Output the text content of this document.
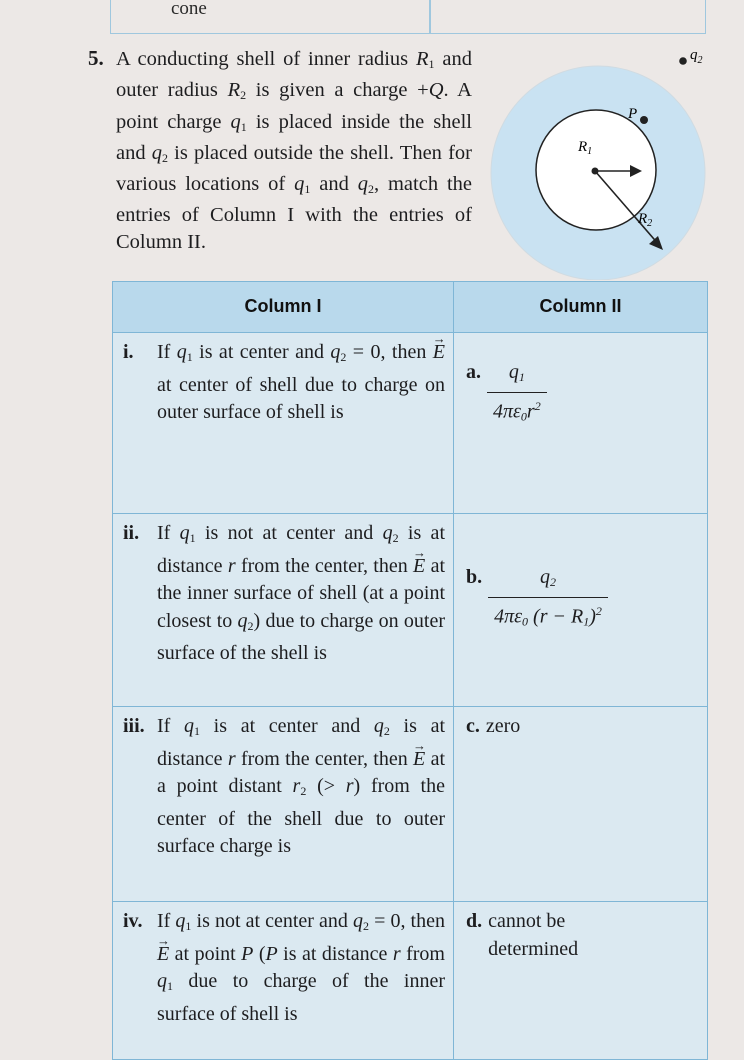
cone
5. A conducting shell of inner radius $R_1$ and outer radius $R_2$ is given a charge +Q. A point charge $q_1$ is placed inside the shell and $q_2$ is placed outside the shell. Then for various locations of $q_1$ and $q_2$, match the entries of Column I with the entries of Column II.

$R_1$
$R_2$
P
$q_2$
Column I	Column II

i. If $q_1$ is at center and $q_2 = 0$, then → E at center of shell due to charge on outer surface of shell is	a. $\frac{q_1}{4\pi\varepsilon_0r^2}$

ii. If $q_1$ is not at center and $q_2$ is at distance r from the center, then → E at the inner surface of shell (at a point closest to $q_2$) due to charge on outer surface of the shell is	b. $\frac{q_2}{4\pi\varepsilon_0 (r - R_1)^2}$

iii. If $q_1$ is at center and $q_2$ is at distance r from the center, then → E at a point distant $r_2$ (> r) from the center of the shell due to outer surface charge is	c. zero

iv. If $q_1$ is not at center and $q_2 = 0$, then → E at point P (P is at distance r from $q_1$ due to charge of the inner surface of shell is	d. cannot be determined
